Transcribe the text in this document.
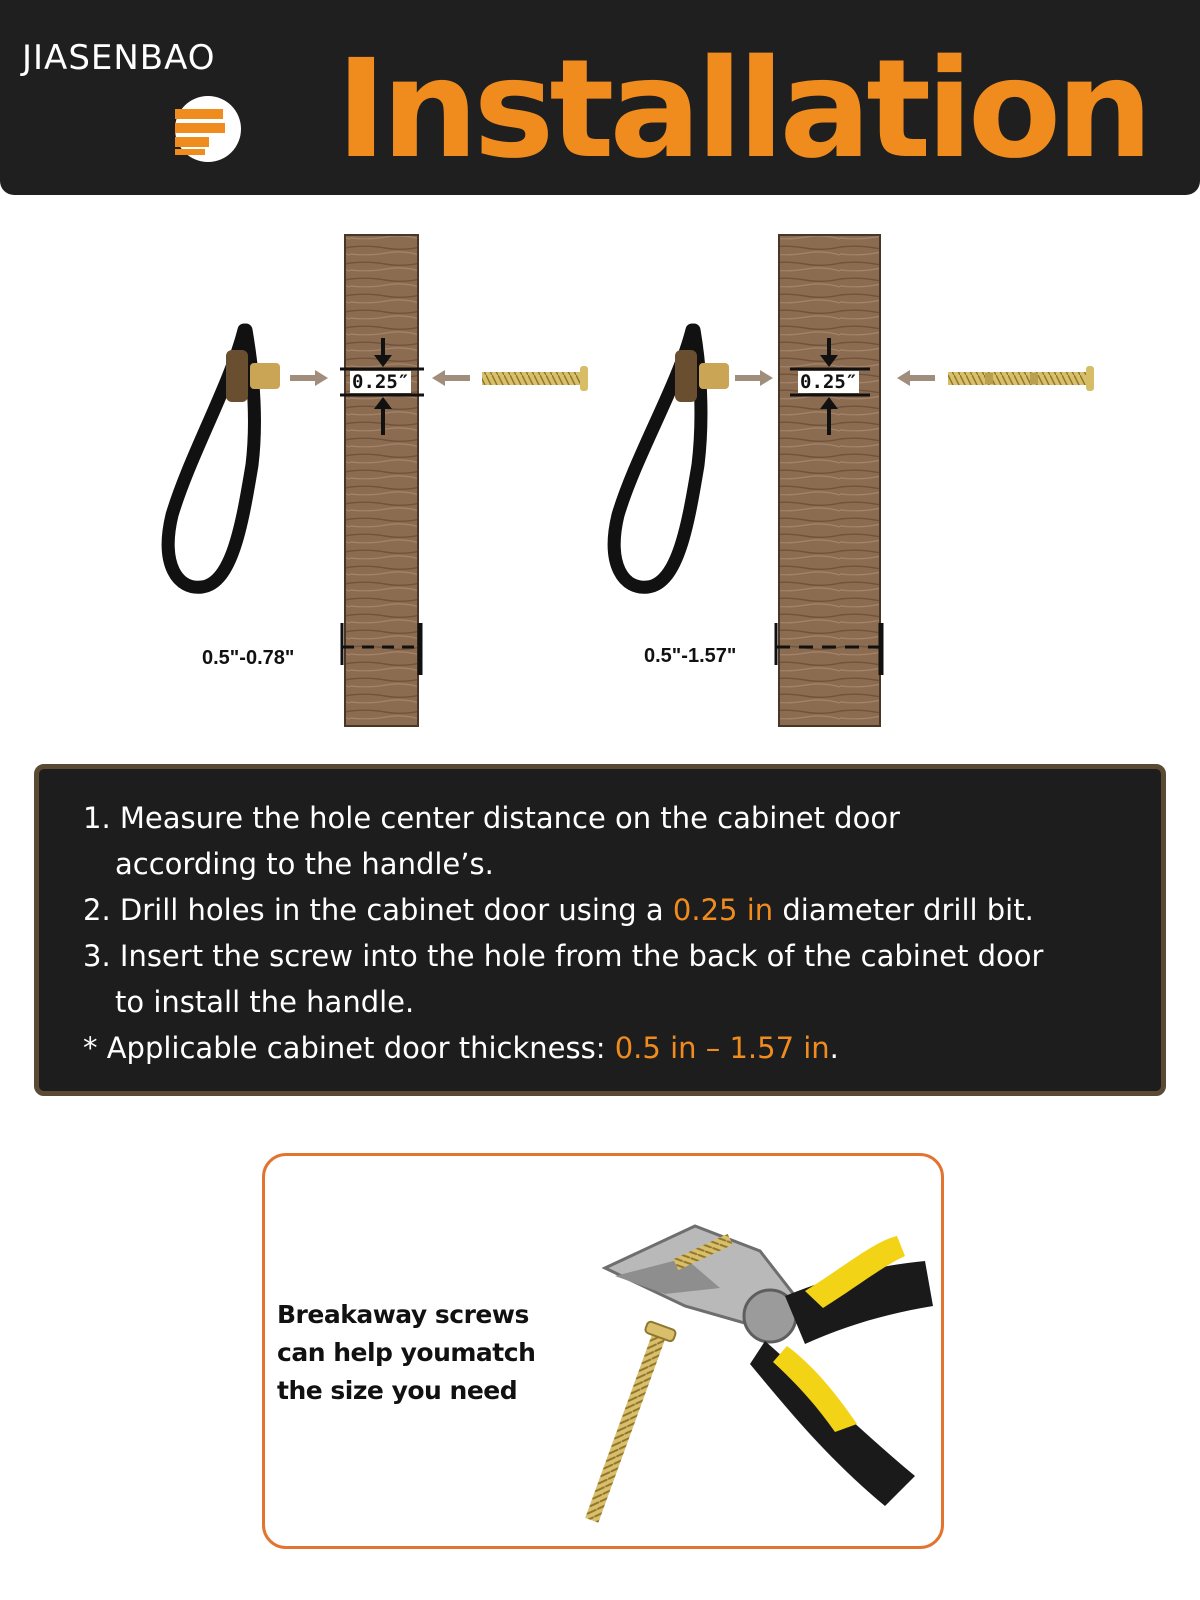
JIASENBAO Installation
0.25″	0.25″
0.5"-0.78"	0.5"-1.57"

1. Measure the hole center distance on the cabinet door

according to the handle’s.

2. Drill holes in the cabinet door using a 0.25 in diameter drill bit.

3. Insert the screw into the hole from the back of the cabinet door

to install the handle.

* Applicable cabinet door thickness: 0.5 in – 1.57 in.

Breakaway screws
can help youmatch
the size you need
